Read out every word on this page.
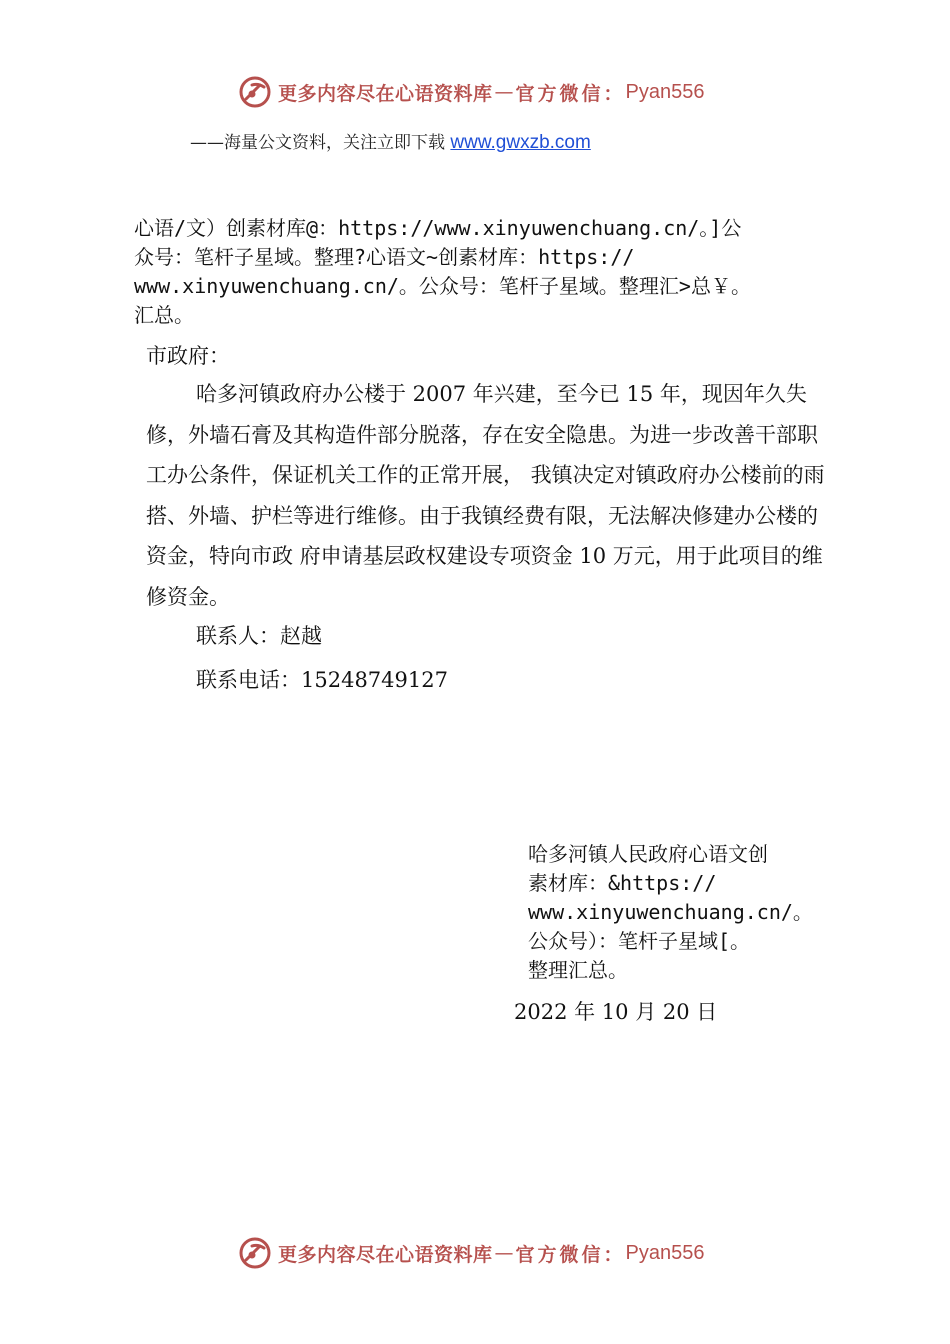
更多内容尽在心语资料库 — 官方微信： Pyan556
——海量公文资料，关注立即下载 www.gwxzb.com
心语/文）创素材库@：https://www.xinyuwenchuang.cn/。]公
众号：笔杆子星域。整理?心语文~创素材库：https://
www.xinyuwenchuang.cn/。公众号：笔杆子星域。整理汇>总￥。
汇总。
市政府：
哈多河镇政府办公楼于 2007 年兴建，至今已 15 年，现因年久失修，外墙石膏及其构造件部分脱落，存在安全隐患。为进一步改善干部职工办公条件，保证机关工作的正常开展， 我镇决定对镇政府办公楼前的雨搭、外墙、护栏等进行维修。由于我镇经费有限，无法解决修建办公楼的资金，特向市政 府申请基层政权建设专项资金 10 万元，用于此项目的维修资金。
联系人：赵越
联系电话：15248749127
哈多河镇人民政府心语文创
素材库：&https://
www.xinyuwenchuang.cn/。
公众号）：笔杆子星域[。
整理汇总。
2022 年 10 月 20 日
更多内容尽在心语资料库 — 官方微信： Pyan556
